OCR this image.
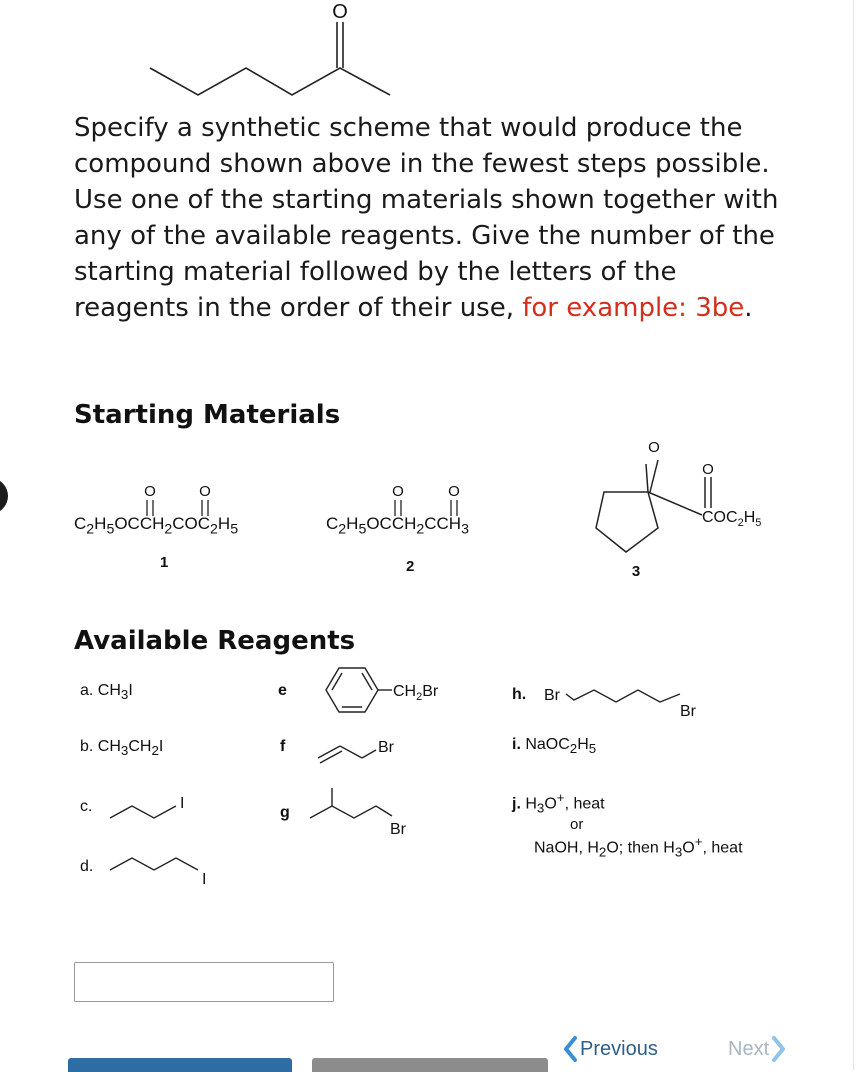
O
Specify a synthetic scheme that would produce the compound shown above in the fewest steps possible. Use one of the starting materials shown together with any of the available reagents. Give the number of the starting material followed by the letters of the reagents in the order of their use, for example: 3be.
Starting Materials
O	O
$C_2H_5OCCH_2COC_2H_5$
1
O	O
$C_2H_5OCCH_2CCH_3$
2
O
O
$COC_2H_5$
3
Available Reagents
a. $CH_3I$
b. $CH_3CH_2I$
c.	I
d.
I
e	$CH_2Br$
f	Br
g
Br
h. Br
Br
i. $NaOC_2H_5$
j. $H_3O^+$, heat
or
NaOH, $H_2O$; then $H_3O^+$, heat
Previous	Next
